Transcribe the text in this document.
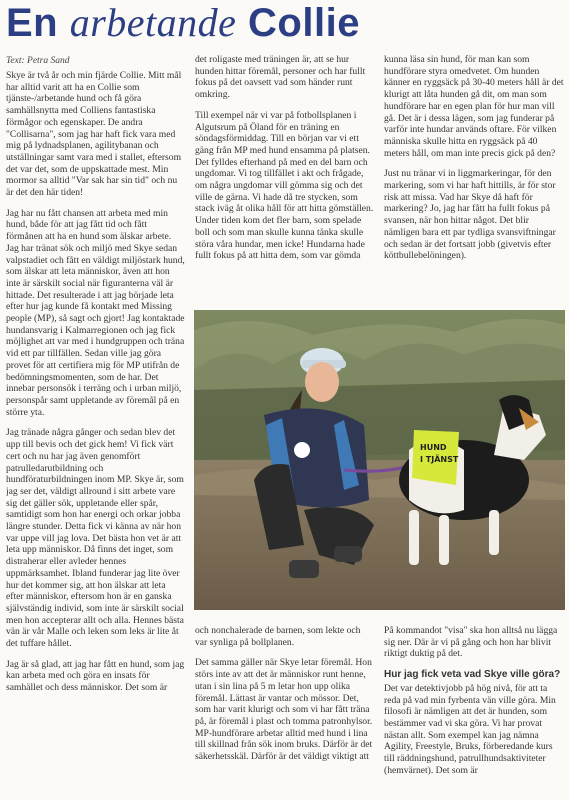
En arbetande Collie
Text: Petra Sand

Skye är två år och min fjärde Collie. Mitt mål har alltid varit att ha en Collie som tjänste-/arbetande hund och få göra samhällsnytta med Colliens fantastiska förmågor och egenskaper. De andra "Collisarna", som jag har haft fick vara med mig på lydnadsplanen, agilitybanan och utställningar samt vara med i stallet, eftersom det var det, som de uppskattade mest. Min mormor sa alltid "Var sak har sin tid" och nu är det den här tiden!

Jag har nu fått chansen att arbeta med min hund, både för att jag fått tid och fått förmånen att ha en hund som älskar arbete. Jag har tränat sök och miljö med Skye sedan valpstadiet och fått en väldigt miljöstark hund, som älskar att leta människor, även att hon inte är särskilt social när figuranterna väl är hittade. Det resulterade i att jag började leta efter hur jag kunde få kontakt med Missing people (MP), så sagt och gjort! Jag kontaktade hundansvarig i Kalmarregionen och jag fick möjlighet att var med i hundgruppen och träna vid ett par tillfällen. Sedan ville jag göra provet för att certifiera mig för MP utifrån de bedömningsmomenten, som de har. Det innebar personsök i terräng och i urban miljö, personspår samt uppletande av föremål på en större yta.

Jag tränade några gånger och sedan blev det upp till bevis och det gick hem! Vi fick värt cert och nu har jag även genomfört patrulledarutbildning och hundföraturbildningen inom MP. Skye är, som jag ser det, väldigt allround i sitt arbete vare sig det gäller sök, uppletande eller spår, samtidigt som hon har energi och orkar jobba längre stunder. Detta fick vi känna av när hon var uppe vill jag lova. Det bästa hon vet är att leta upp människor. Då finns det inget, som distraherar eller avleder hennes uppmärksamhet. Ibland funderar jag lite över hur det kommer sig, att hon älskar att leta efter människor, eftersom hon är en ganska självständig individ, som inte är särskilt social men hon accepterar allt och alla. Hennes bästa vän är vår Malle och leken som leks är lite åt det tuffare hållet.

Jag är så glad, att jag har fått en hund, som jag kan arbeta med och göra en insats för samhället och dess människor. Det som är

det roligaste med träningen är, att se hur hunden hittar föremål, personer och har fullt fokus på det oavsett vad som händer runt omkring.

Till exempel när vi var på fotbollsplanen i Algutsrum på Öland för en träning en söndagsförmiddag. Till en början var vi ett gäng från MP med hund ensamma på platsen. Det fylldes efterhand på med en del barn och ungdomar. Vi tog tillfället i akt och frågade, om några ungdomar vill gömma sig och det ville de gärna. Vi hade då tre stycken, som stack iväg åt olika håll för att hitta gömställen. Under tiden kom det fler barn, som spelade boll och som man skulle kunna tänka skulle störa våra hundar, men icke! Hundarna hade fullt fokus på att hitta dem, som var gömda

kunna läsa sin hund, för man kan som hundförare styra omedvetet. Om hunden känner en ryggsäck på 30-40 meters håll är det klurigt att låta hunden gå dit, om man som hundförare har en egen plan för hur man vill gå. Det är i dessa lägen, som jag funderar på varför inte hundar används oftare. För vilken människa skulle hitta en ryggsäck på 40 meters håll, om man inte precis gick på den?

Just nu tränar vi in liggmarkeringar, för den markering, som vi har haft hittills, är för stor risk att missa. Vad har Skye då haft för markering? Jo, jag har fått ha fullt fokus på svansen, när hon hittar något. Det blir nämligen bara ett par tydliga svansviftningar och sedan är det fortsatt jobb (givetvis efter köttbullebelöningen).

HUND
I TJÄNST

och nonchalerade de barnen, som lekte och var synliga på bollplanen.

Det samma gäller när Skye letar föremål. Hon störs inte av att det är människor runt henne, utan i sin lina på 5 m letar hon upp olika föremål. Lättast är vantar och mössor. Det, som har varit klurigt och som vi har fått träna på, är föremål i plast och tomma patronhylsor. MP-hundförare arbetar alltid med hund i lina till skillnad från sök inom bruks. Därför är det säkerhetsskäl. Därför är det väldigt viktigt att

På kommandot "visa" ska hon alltså nu lägga sig ner. Där är vi på gång och hon har blivit riktigt duktig på det.

Hur jag fick veta vad Skye ville göra?

Det var detektivjobb på hög nivå, för att ta reda på vad min fyrbenta vän ville göra. Min filosofi är nämligen att det är hunden, som bestämmer vad vi ska göra. Vi har provat nästan allt. Som exempel kan jag nämna Agility, Freestyle, Bruks, förberedande kurs till räddningshund, patrullhundsaktiviteter (hemvärnet). Det som är
